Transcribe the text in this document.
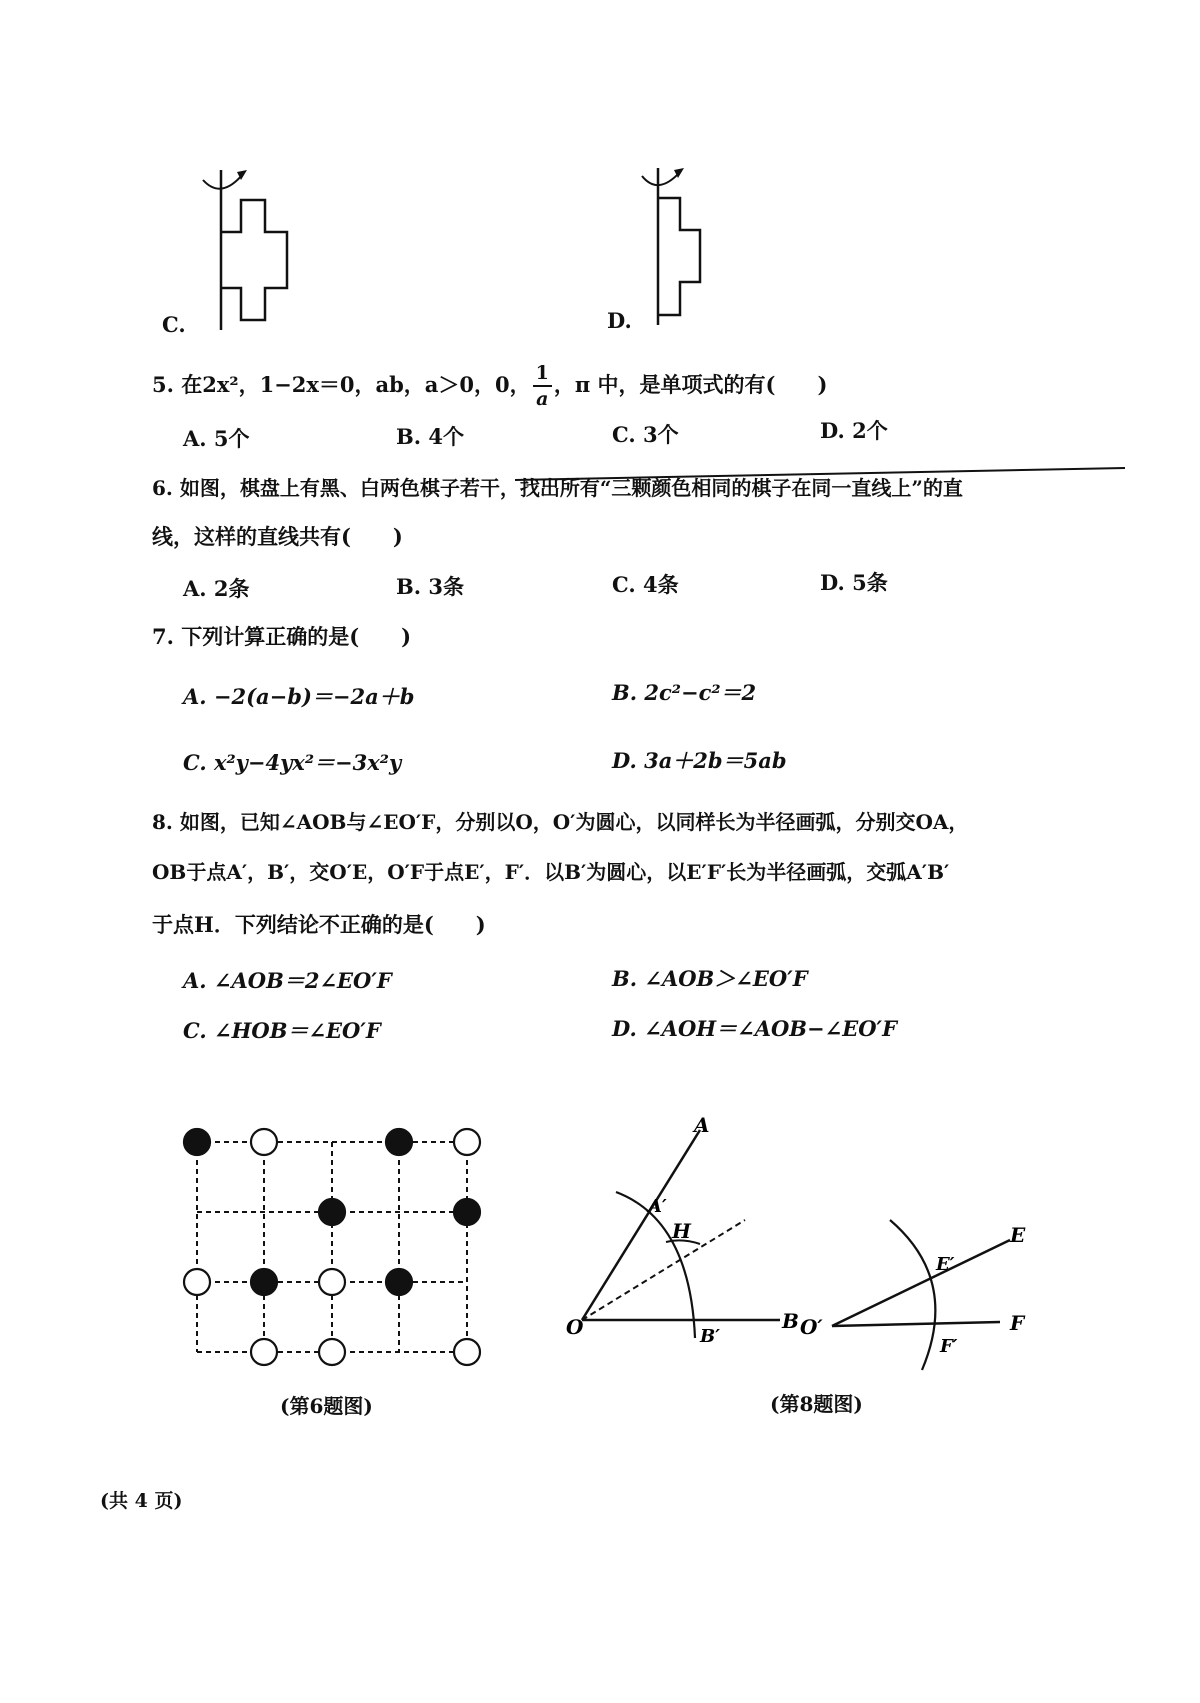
C.	D.
5. 在2x²，1−2x＝0，ab，a＞0，0， $\frac{1}{a}$ ，π 中，是单项式的有(　　)
A. 5个	B. 4个	C. 3个	D. 2个
6. 如图，棋盘上有黑、白两色棋子若干，找出所有“三颗颜色相同的棋子在同一直线上”的直
线，这样的直线共有(　　)
A. 2条	B. 3条	C. 4条	D. 5条
7. 下列计算正确的是(　　)
A. −2(a−b)＝−2a＋b	B. 2c²−c²＝2
C. x²y−4yx²＝−3x²y	D. 3a＋2b＝5ab
8. 如图，已知∠AOB与∠EO′F，分别以O，O′为圆心，以同样长为半径画弧，分别交OA，
OB于点A′，B′，交O′E，O′F于点E′，F′．以B′为圆心，以E′F′长为半径画弧，交弧A′B′
于点H．下列结论不正确的是(　　)
A. ∠AOB＝2∠EO′F	B. ∠AOB＞∠EO′F
C. ∠HOB＝∠EO′F	D. ∠AOH＝∠AOB−∠EO′F
(第6题图)
A
A′
H
O	B′
B
E
E′
O′
F′
F
(第8题图)
(共 4 页)
